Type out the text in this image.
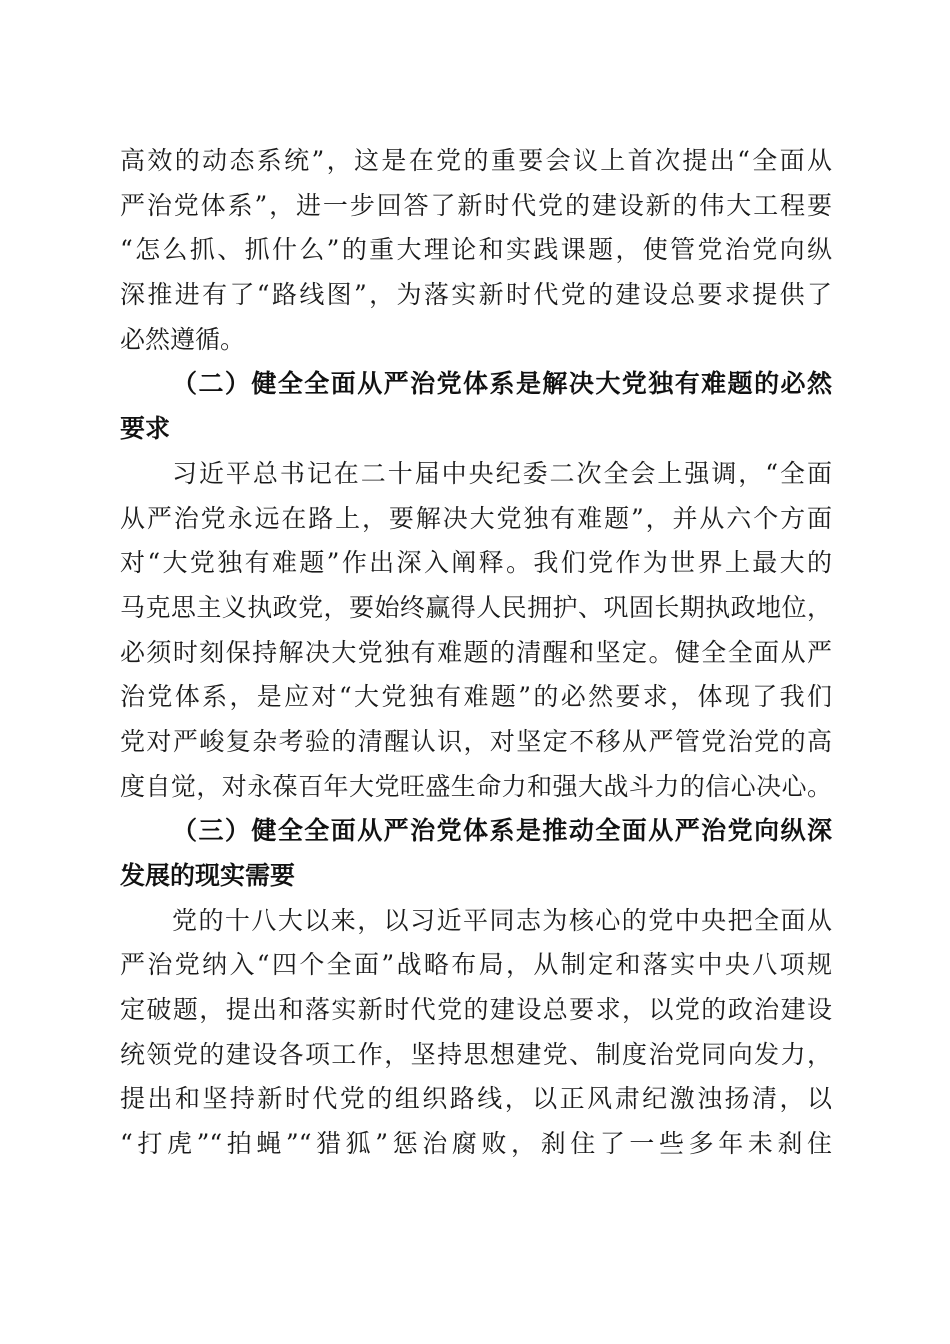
高效的动态系统”，这是在党的重要会议上首次提出“全面从
严治党体系”，进一步回答了新时代党的建设新的伟大工程要
“怎么抓、抓什么”的重大理论和实践课题，使管党治党向纵
深推进有了“路线图”，为落实新时代党的建设总要求提供了
必然遵循。
（二）健全全面从严治党体系是解决大党独有难题的必然
要求
习近平总书记在二十届中央纪委二次全会上强调，“全面
从严治党永远在路上，要解决大党独有难题”，并从六个方面
对“大党独有难题”作出深入阐释。我们党作为世界上最大的
马克思主义执政党，要始终赢得人民拥护、巩固长期执政地位，
必须时刻保持解决大党独有难题的清醒和坚定。健全全面从严
治党体系，是应对“大党独有难题”的必然要求，体现了我们
党对严峻复杂考验的清醒认识，对坚定不移从严管党治党的高
度自觉，对永葆百年大党旺盛生命力和强大战斗力的信心决心。
（三）健全全面从严治党体系是推动全面从严治党向纵深
发展的现实需要
党的十八大以来，以习近平同志为核心的党中央把全面从
严治党纳入“四个全面”战略布局，从制定和落实中央八项规
定破题，提出和落实新时代党的建设总要求，以党的政治建设
统领党的建设各项工作，坚持思想建党、制度治党同向发力，
提出和坚持新时代党的组织路线，以正风肃纪激浊扬清，以
“打虎”“拍蝇”“猎狐”惩治腐败，刹住了一些多年未刹住
